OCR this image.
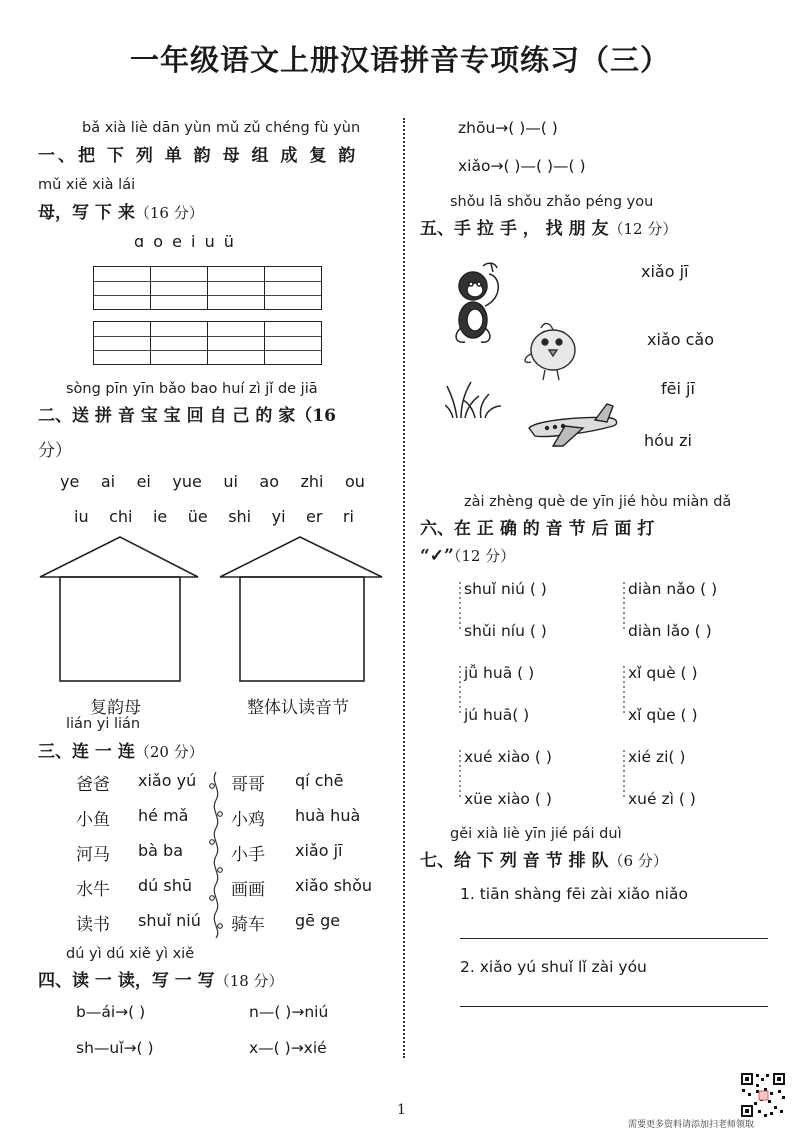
一年级语文上册汉语拼音专项练习（三）
bǎ xià liè dān yùn mǔ zǔ chéng fù yùn
一、把 下 列 单 韵 母 组 成 复 韵
mǔ xiě xià lái
母，写 下 来（16 分）
ɑ o e i u ü
sòng pīn yīn bǎo bao huí zì jǐ de jiā
二、送 拼 音 宝 宝 回 自 己 的 家（16
分）
ye ai ei yue ui ao zhi ou
iu chi ie üe shi yi er ri
复韵母	整体认读音节
lián yi lián
三、连 一 连（20 分）
爸爸
小鱼
河马
水牛
读书
xiǎo yú
hé mǎ
bà ba
dú shū
shuǐ niú
哥哥
小鸡
小手
画画
骑车
qí chē
huà huà
xiǎo jī
xiǎo shǒu
gē ge
dú yì dú xiě yì xiě
四、读 一 读，写 一 写（18 分）
b—ái→( )	n—( )→niú
sh—uǐ→( )	x—( )→xié
zhōu→( )—( )
xiǎo→( )—( )—( )
shǒu lā shǒu zhǎo péng you
五、手 拉 手 ， 找 朋 友（12 分）
xiǎo jī
xiǎo cǎo
fēi jī
hóu zi
zài zhèng què de yīn jié hòu miàn dǎ
六、在 正 确 的 音 节 后 面 打
“✓”（12 分）
shuǐ niú ( )	diàn nǎo ( )
shǔi níu ( )	diàn lǎo ( )
jǚ huā ( )	xǐ què ( )
jú huā( )	xǐ qùe ( )
xué xiào ( )	xié zi( )
xüe xiào ( )	xué zì ( )
gěi xià liè yīn jié pái duì
七、给 下 列 音 节 排 队（6 分）
1. tiān shàng fēi zài xiǎo niǎo
2. xiǎo yú shuǐ lǐ zài yóu
1
需要更多资料请添加扫老师领取
